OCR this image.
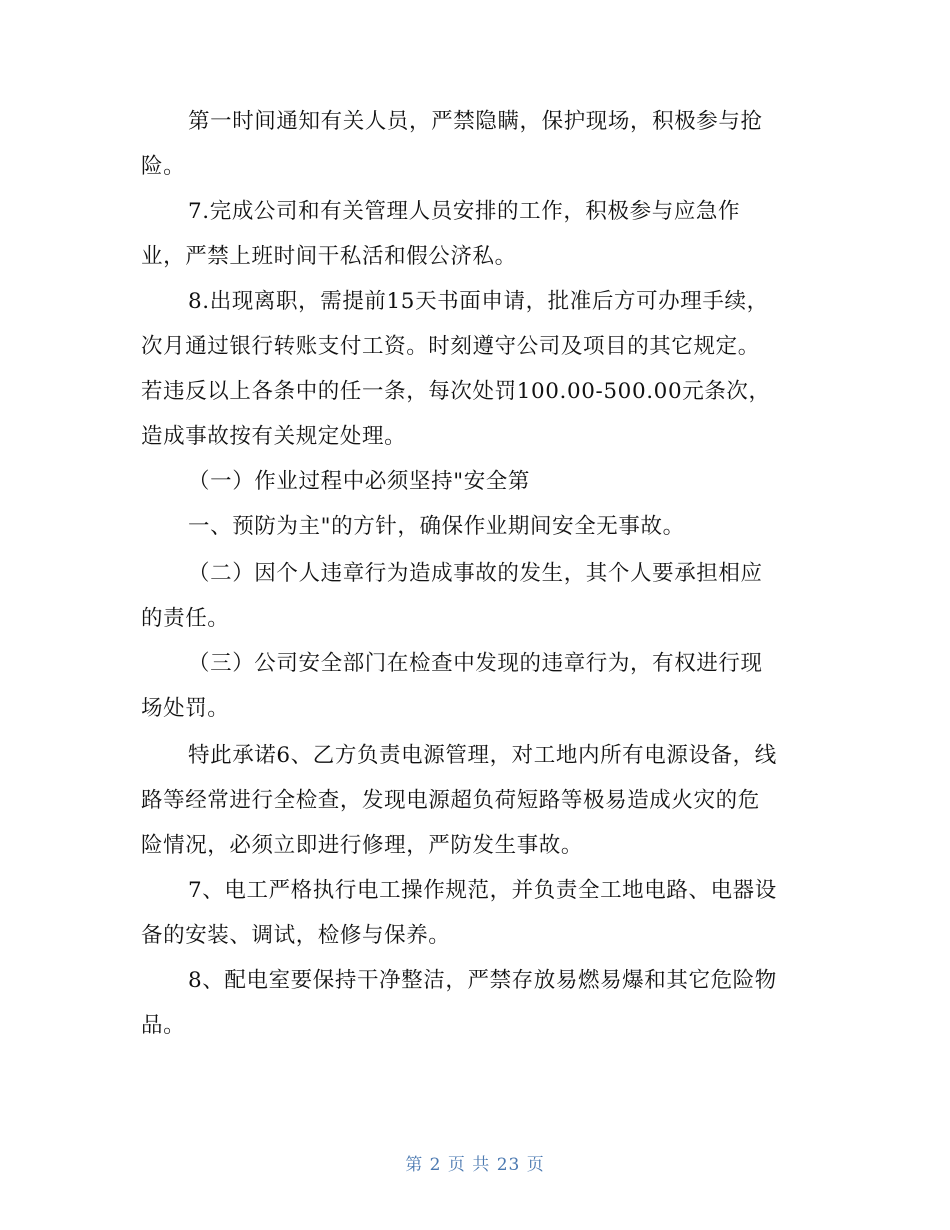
第一时间通知有关人员，严禁隐瞒，保护现场，积极参与抢
险。
7.完成公司和有关管理人员安排的工作，积极参与应急作
业，严禁上班时间干私活和假公济私。
8.出现离职，需提前15天书面申请，批准后方可办理手续，
次月通过银行转账支付工资。时刻遵守公司及项目的其它规定。
若违反以上各条中的任一条，每次处罚100.00-500.00元条次，
造成事故按有关规定处理。
（一）作业过程中必须坚持"安全第
一、预防为主"的方针，确保作业期间安全无事故。
（二）因个人违章行为造成事故的发生，其个人要承担相应
的责任。
（三）公司安全部门在检查中发现的违章行为，有权进行现
场处罚。
特此承诺6、乙方负责电源管理，对工地内所有电源设备，线
路等经常进行全检查，发现电源超负荷短路等极易造成火灾的危
险情况，必须立即进行修理，严防发生事故。
7、电工严格执行电工操作规范，并负责全工地电路、电器设
备的安装、调试，检修与保养。
8、配电室要保持干净整洁，严禁存放易燃易爆和其它危险物
品。
第 2 页 共 23 页
